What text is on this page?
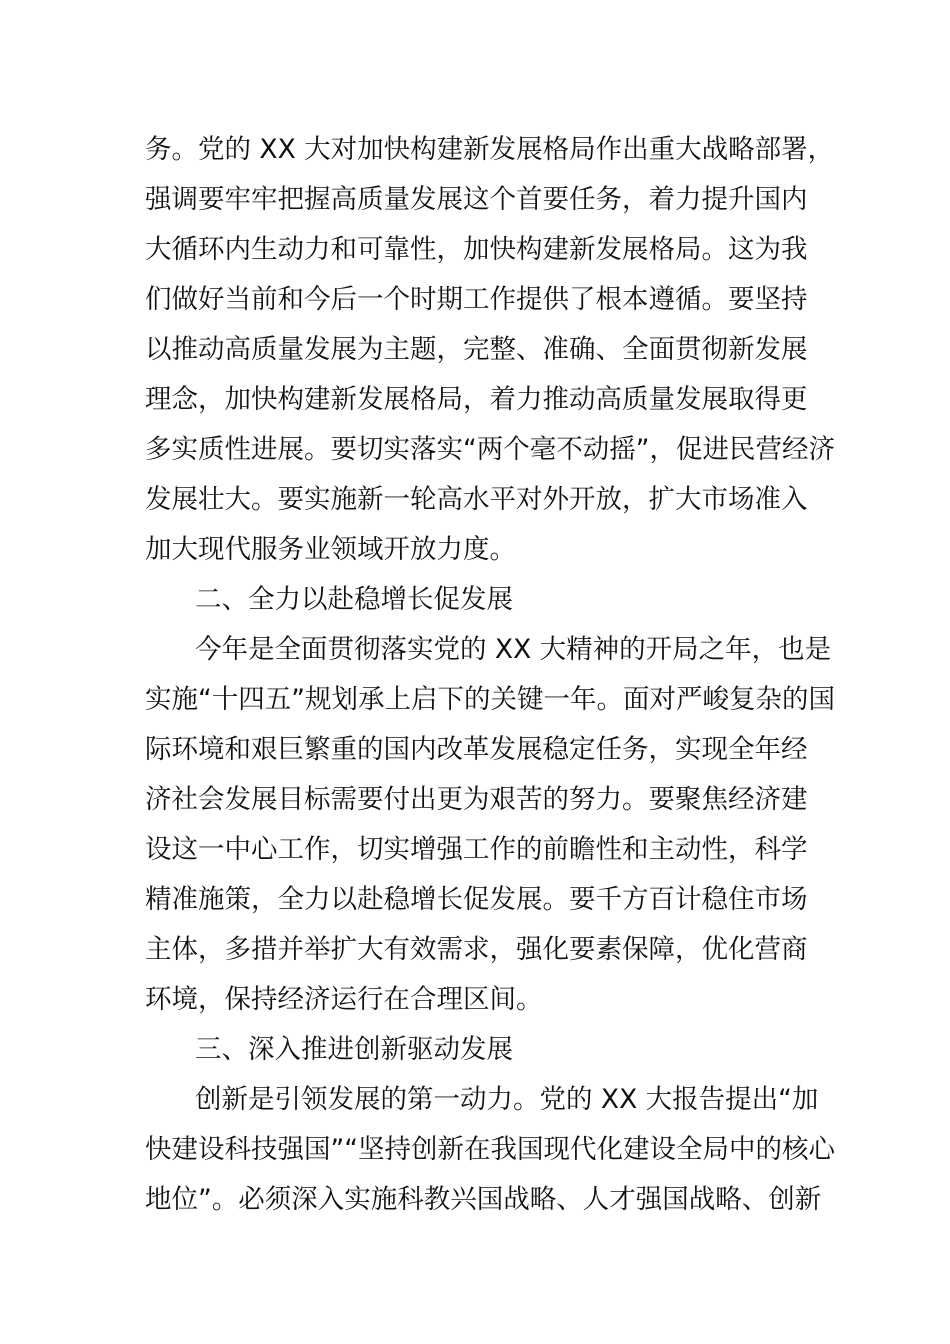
务。党的 XX 大对加快构建新发展格局作出重大战略部署，
强调要牢牢把握高质量发展这个首要任务，着力提升国内
大循环内生动力和可靠性，加快构建新发展格局。这为我
们做好当前和今后一个时期工作提供了根本遵循。要坚持
以推动高质量发展为主题，完整、准确、全面贯彻新发展
理念，加快构建新发展格局，着力推动高质量发展取得更
多实质性进展。要切实落实“两个毫不动摇”，促进民营经济
发展壮大。要实施新一轮高水平对外开放，扩大市场准入
加大现代服务业领域开放力度。
二、全力以赴稳增长促发展
今年是全面贯彻落实党的 XX 大精神的开局之年，也是
实施“十四五”规划承上启下的关键一年。面对严峻复杂的国
际环境和艰巨繁重的国内改革发展稳定任务，实现全年经
济社会发展目标需要付出更为艰苦的努力。要聚焦经济建
设这一中心工作，切实增强工作的前瞻性和主动性，科学
精准施策，全力以赴稳增长促发展。要千方百计稳住市场
主体，多措并举扩大有效需求，强化要素保障，优化营商
环境，保持经济运行在合理区间。
三、深入推进创新驱动发展
创新是引领发展的第一动力。党的 XX 大报告提出“加
快建设科技强国”“坚持创新在我国现代化建设全局中的核心
地位”。必须深入实施科教兴国战略、人才强国战略、创新
